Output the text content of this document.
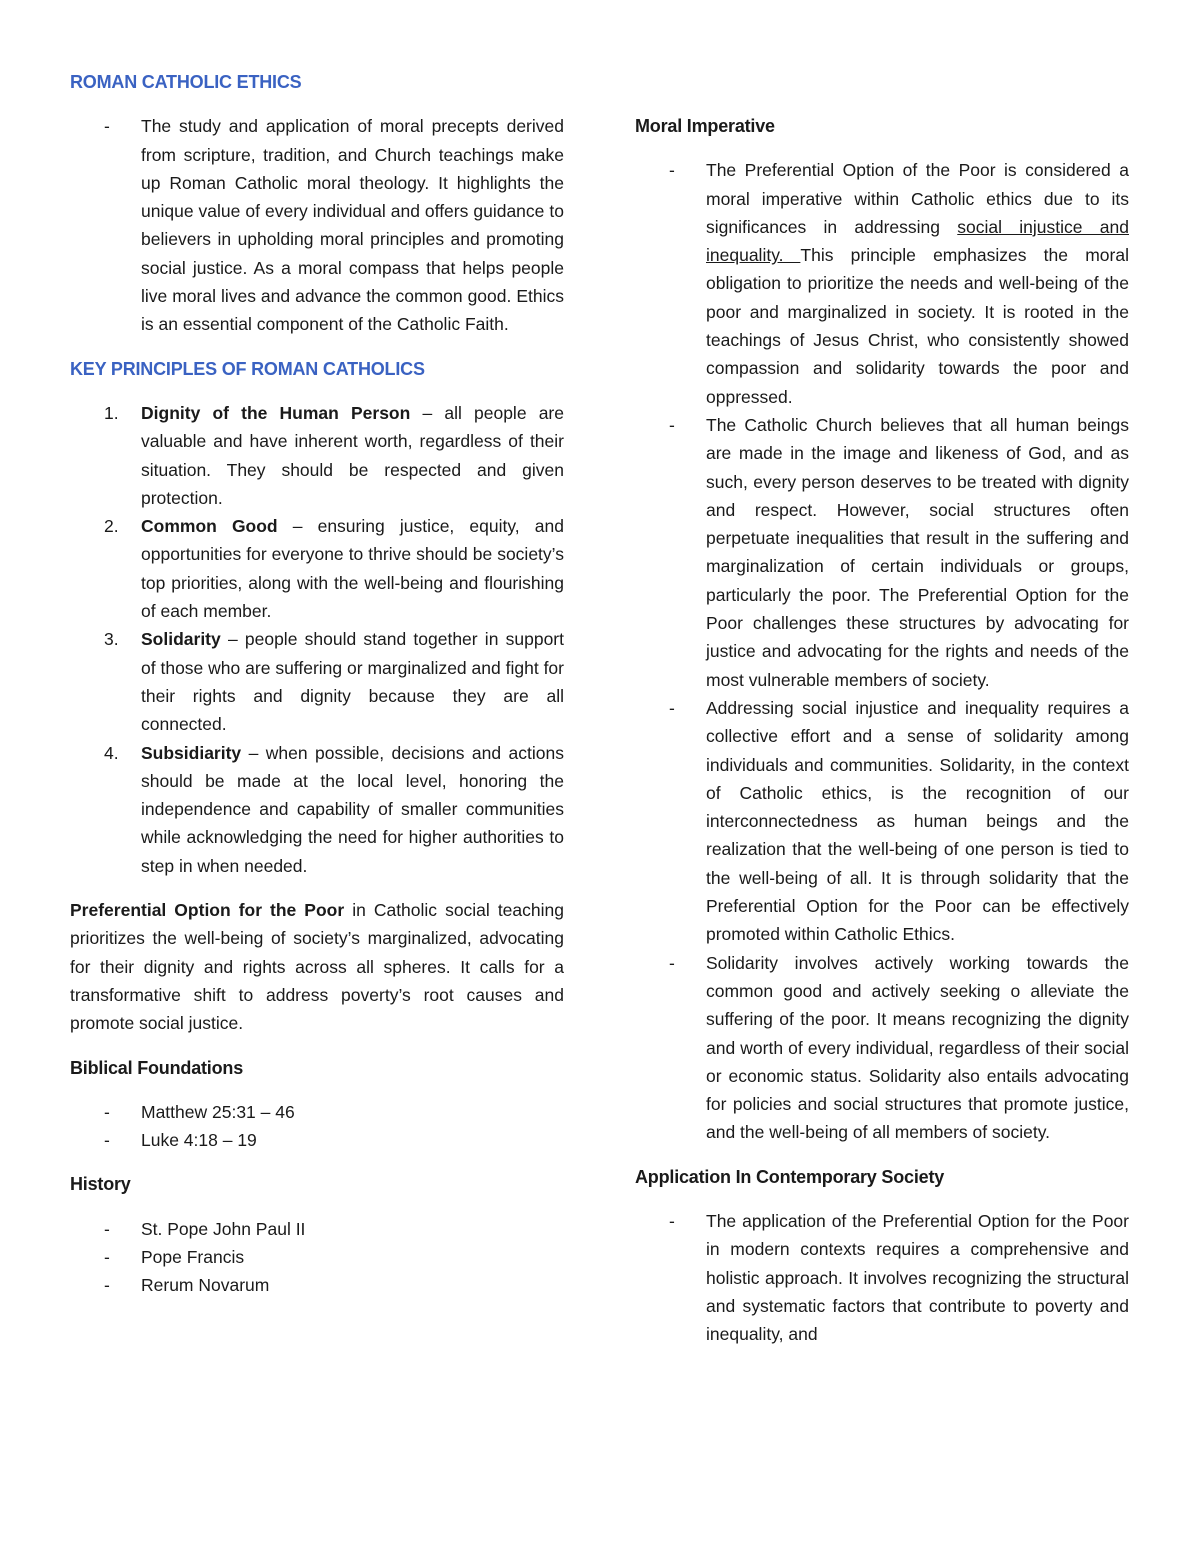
ROMAN CATHOLIC ETHICS
- The study and application of moral precepts derived from scripture, tradition, and Church teachings make up Roman Catholic moral theology. It highlights the unique value of every individual and offers guidance to believers in upholding moral principles and promoting social justice. As a moral compass that helps people live moral lives and advance the common good. Ethics is an essential component of the Catholic Faith.
KEY PRINCIPLES OF ROMAN CATHOLICS
1.	Dignity of the Human Person – all people are valuable and have inherent worth, regardless of their situation. They should be respected and given protection.
2.	Common Good – ensuring justice, equity, and opportunities for everyone to thrive should be society’s top priorities, along with the well-being and flourishing of each member.
3.	Solidarity – people should stand together in support of those who are suffering or marginalized and fight for their rights and dignity because they are all connected.
4.	Subsidiarity – when possible, decisions and actions should be made at the local level, honoring the independence and capability of smaller communities while acknowledging the need for higher authorities to step in when needed.

Preferential Option for the Poor in Catholic social teaching prioritizes the well-being of society’s marginalized, advocating for their dignity and rights across all spheres. It calls for a transformative shift to address poverty’s root causes and promote social justice.

Biblical Foundations
- Matthew 25:31 – 46
- Luke 4:18 – 19
History
- St. Pope John Paul II
- Pope Francis
- Rerum Novarum
Moral Imperative
- The Preferential Option of the Poor is considered a moral imperative within Catholic ethics due to its significances in addressing social injustice and inequality. This principle emphasizes the moral obligation to prioritize the needs and well-being of the poor and marginalized in society. It is rooted in the teachings of Jesus Christ, who consistently showed compassion and solidarity towards the poor and oppressed.
- The Catholic Church believes that all human beings are made in the image and likeness of God, and as such, every person deserves to be treated with dignity and respect. However, social structures often perpetuate inequalities that result in the suffering and marginalization of certain individuals or groups, particularly the poor. The Preferential Option for the Poor challenges these structures by advocating for justice and advocating for the rights and needs of the most vulnerable members of society.
- Addressing social injustice and inequality requires a collective effort and a sense of solidarity among individuals and communities. Solidarity, in the context of Catholic ethics, is the recognition of our interconnectedness as human beings and the realization that the well-being of one person is tied to the well-being of all. It is through solidarity that the Preferential Option for the Poor can be effectively promoted within Catholic Ethics.
- Solidarity involves actively working towards the common good and actively seeking o alleviate the suffering of the poor. It means recognizing the dignity and worth of every individual, regardless of their social or economic status. Solidarity also entails advocating for policies and social structures that promote justice, and the well-being of all members of society.
Application In Contemporary Society
- The application of the Preferential Option for the Poor in modern contexts requires a comprehensive and holistic approach. It involves recognizing the structural and systematic factors that contribute to poverty and inequality, and
